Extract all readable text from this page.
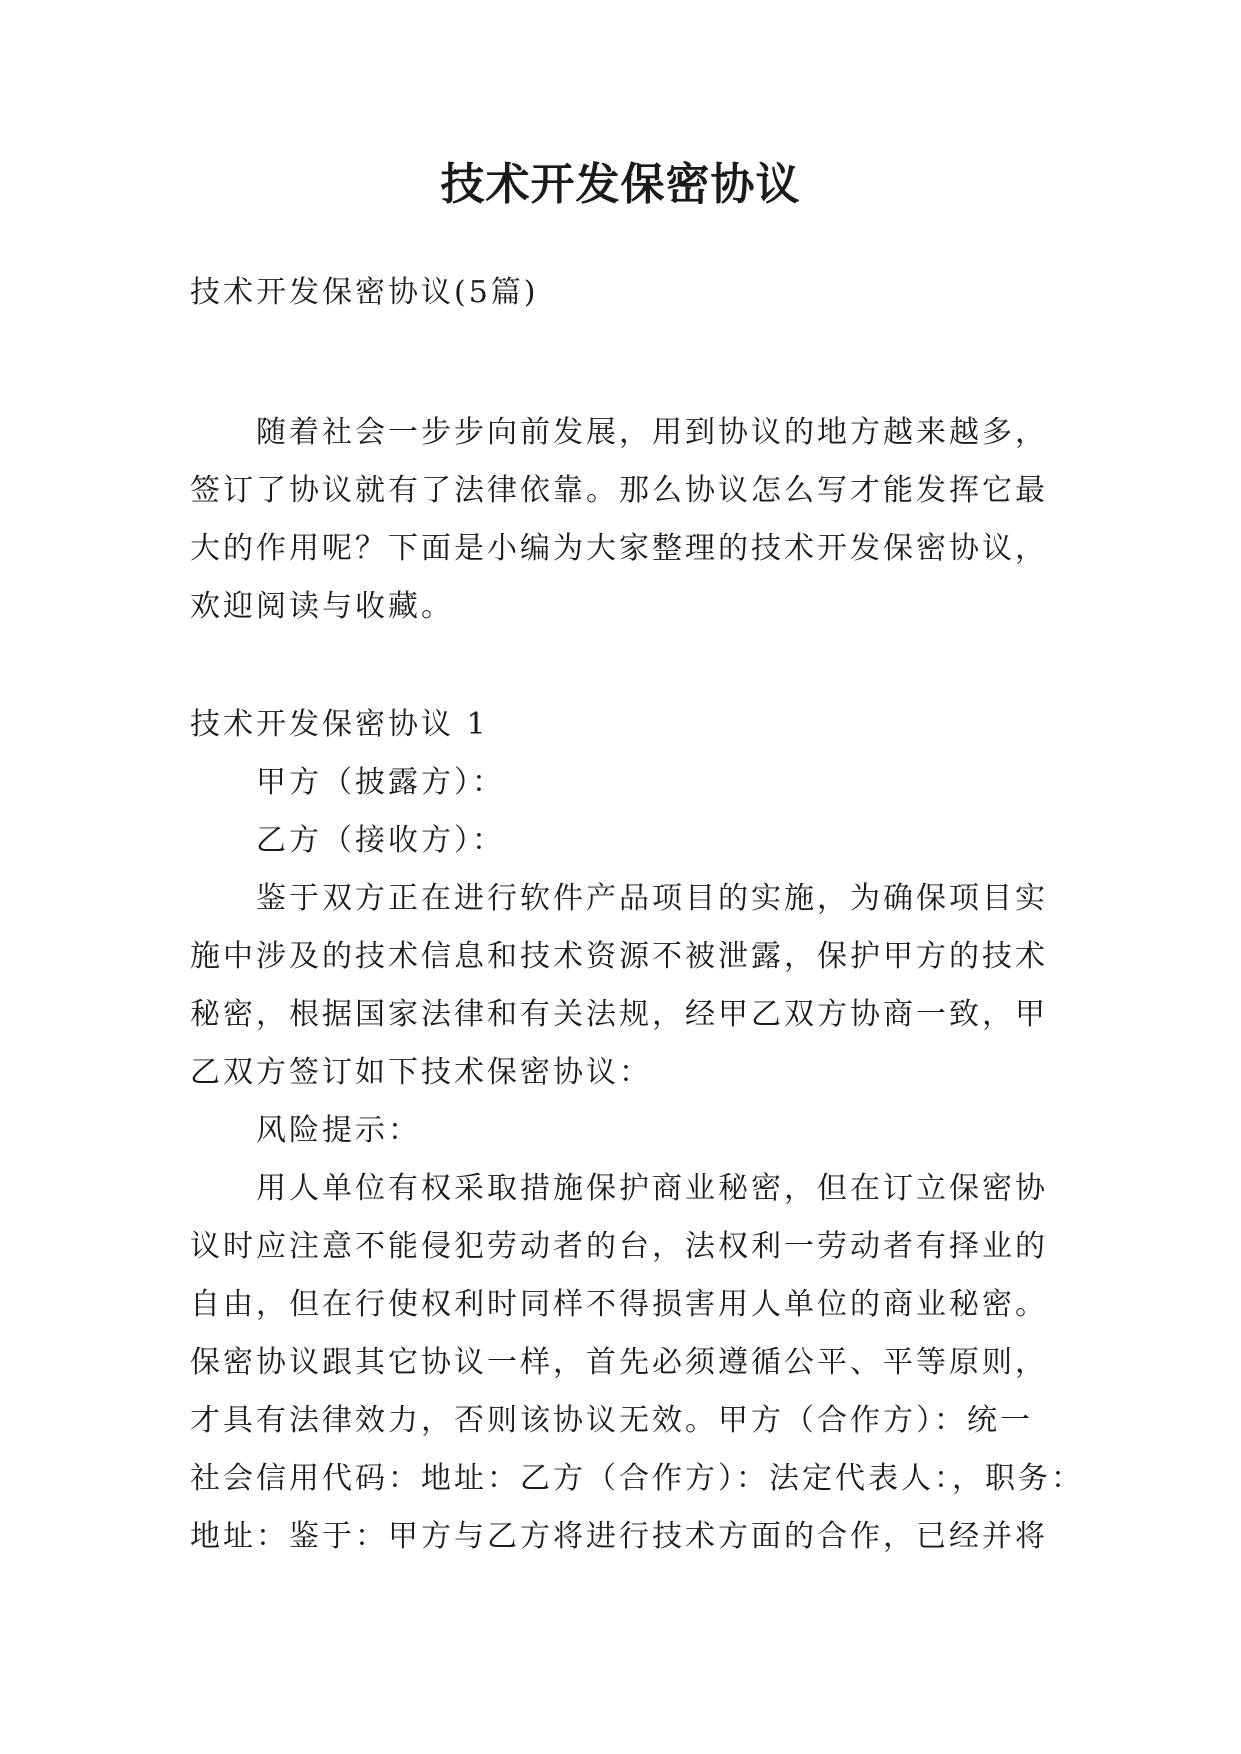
技术开发保密协议

技术开发保密协议(5篇)

随着社会一步步向前发展，用到协议的地方越来越多，
签订了协议就有了法律依靠。那么协议怎么写才能发挥它最
大的作用呢？下面是小编为大家整理的技术开发保密协议，
欢迎阅读与收藏。
技术开发保密协议 1
甲方（披露方）：
乙方（接收方）：
鉴于双方正在进行软件产品项目的实施，为确保项目实
施中涉及的技术信息和技术资源不被泄露，保护甲方的技术
秘密，根据国家法律和有关法规，经甲乙双方协商一致，甲
乙双方签订如下技术保密协议：
风险提示：
用人单位有权采取措施保护商业秘密，但在订立保密协
议时应注意不能侵犯劳动者的台，法权利一劳动者有择业的
自由，但在行使权利时同样不得损害用人单位的商业秘密。
保密协议跟其它协议一样，首先必须遵循公平、平等原则，
才具有法律效力，否则该协议无效。甲方（合作方）：统一
社会信用代码：地址：乙方（合作方）：法定代表人：，职务：
地址：鉴于：甲方与乙方将进行技术方面的合作，已经并将
